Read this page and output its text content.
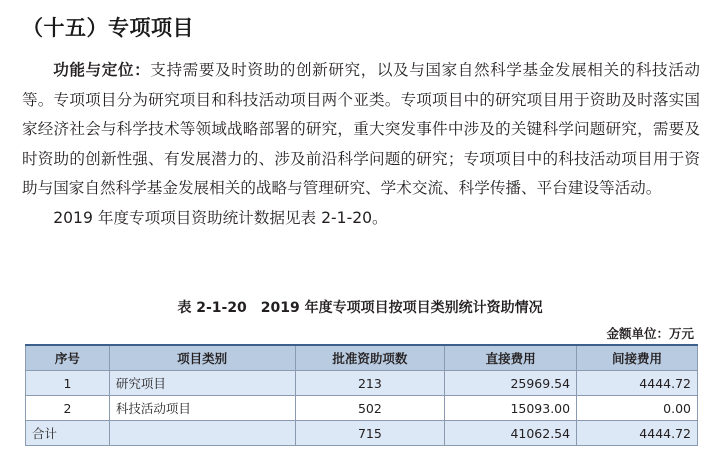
（十五）专项项目

功能与定位：支持需要及时资助的创新研究，以及与国家自然科学基金发展相关的科技活动等。专项项目分为研究项目和科技活动项目两个亚类。专项项目中的研究项目用于资助及时落实国家经济社会与科学技术等领域战略部署的研究，重大突发事件中涉及的关键科学问题研究，需要及时资助的创新性强、有发展潜力的、涉及前沿科学问题的研究；专项项目中的科技活动项目用于资助与国家自然科学基金发展相关的战略与管理研究、学术交流、科学传播、平台建设等活动。

2019 年度专项项目资助统计数据见表 2-1-20。

表 2-1-20　2019 年度专项项目按项目类别统计资助情况
金额单位：万元
序号	项目类别	批准资助项数	直接费用	间接费用
1	研究项目	213	25969.54	4444.72
2	科技活动项目	502	15093.00	0.00
合计		715	41062.54	4444.72
